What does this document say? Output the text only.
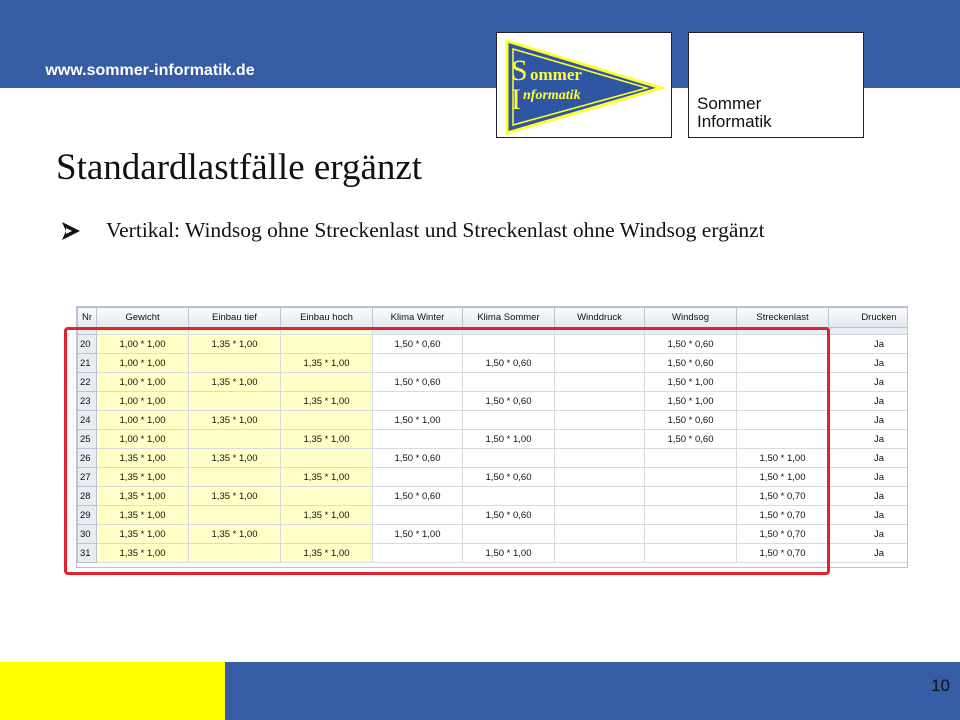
www.sommer-informatik.de	S ommer
I nformatik	Sommer
Informatik
Standardlastfälle ergänzt
Vertikal: Windsog ohne Streckenlast und Streckenlast ohne Windsog ergänzt
Nr	Gewicht	Einbau tief	Einbau hoch	Klima Winter	Klima Sommer	Winddruck	Windsog	Streckenlast	Drucken

20	1,00 * 1,00	1,35 * 1,00		1,50 * 0,60			1,50 * 0,60		Ja
21	1,00 * 1,00		1,35 * 1,00		1,50 * 0,60		1,50 * 0,60		Ja
22	1,00 * 1,00	1,35 * 1,00		1,50 * 0,60			1,50 * 1,00		Ja
23	1,00 * 1,00		1,35 * 1,00		1,50 * 0,60		1,50 * 1,00		Ja
24	1,00 * 1,00	1,35 * 1,00		1,50 * 1,00			1,50 * 0,60		Ja
25	1,00 * 1,00		1,35 * 1,00		1,50 * 1,00		1,50 * 0,60		Ja
26	1,35 * 1,00	1,35 * 1,00		1,50 * 0,60				1,50 * 1,00	Ja
27	1,35 * 1,00		1,35 * 1,00		1,50 * 0,60			1,50 * 1,00	Ja
28	1,35 * 1,00	1,35 * 1,00		1,50 * 0,60				1,50 * 0,70	Ja
29	1,35 * 1,00		1,35 * 1,00		1,50 * 0,60			1,50 * 0,70	Ja
30	1,35 * 1,00	1,35 * 1,00		1,50 * 1,00				1,50 * 0,70	Ja
31	1,35 * 1,00		1,35 * 1,00		1,50 * 1,00			1,50 * 0,70	Ja
10
